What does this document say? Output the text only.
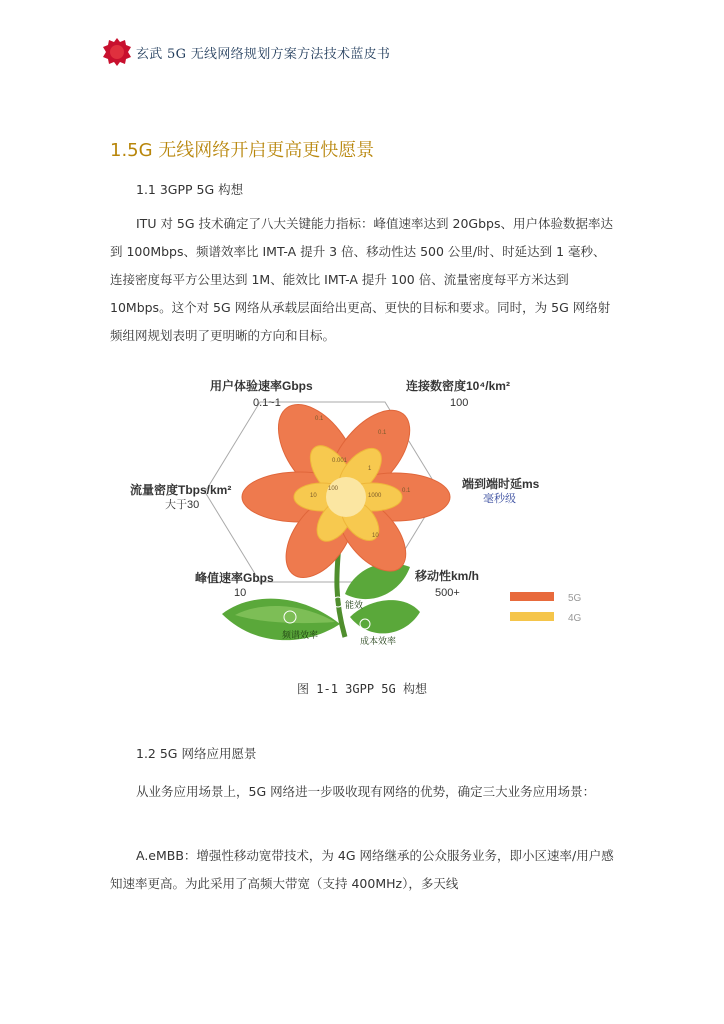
玄武 5G 无线网络规划方案方法技术蓝皮书
1.5G 无线网络开启更高更快愿景
1.1 3GPP 5G 构想

ITU 对 5G 技术确定了八大关键能力指标：峰值速率达到 20Gbps、用户体验数据率达到 100Mbps、频谱效率比 IMT-A 提升 3 倍、移动性达 500 公里/时、时延达到 1 毫秒、连接密度每平方公里达到 1M、能效比 IMT-A 提升 100 倍、流量密度每平方米达到 10Mbps。这个对 5G 网络从承载层面给出更高、更快的目标和要求。同时，为 5G 网络射频组网规划表明了更明晰的方向和目标。

0.1
0.001
0.1
1
1000
100
10
10
0.1
用户体验速率Gbps
0.1~1
连接数密度10⁴/km²
100
流量密度Tbps/km²
大于30
端到端时延ms
毫秒级
峰值速率Gbps
10
移动性km/h
500+
能效
频谱效率
成本效率
5G
4G
图 1-1 3GPP 5G 构想
1.2 5G 网络应用愿景

从业务应用场景上，5G 网络进一步吸收现有网络的优势，确定三大业务应用场景：

A.eMBB：增强性移动宽带技术，为 4G 网络继承的公众服务业务，即小区速率/用户感知速率更高。为此采用了高频大带宽（支持 400MHz），多天线
